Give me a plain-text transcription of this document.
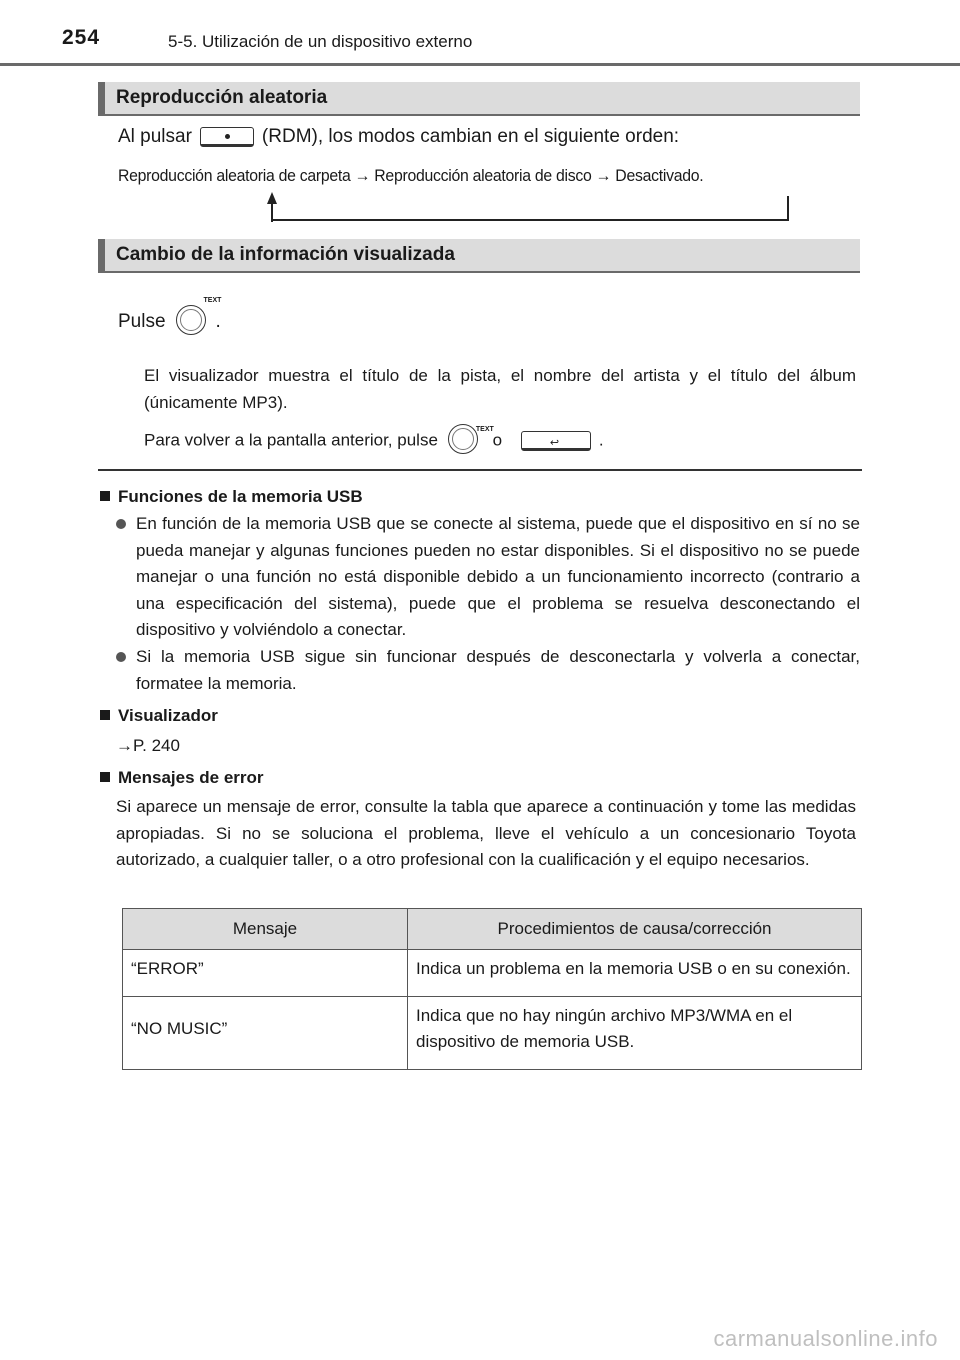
254	5-5. Utilización de un dispositivo externo
Reproducción aleatoria
Al pulsar	(RDM), los modos cambian en el siguiente orden:
Reproducción aleatoria de carpeta → Reproducción aleatoria de disco → Desactivado.
Cambio de la información visualizada
Pulse
TEXT
.
El visualizador muestra el título de la pista, el nombre del artista y el título del álbum (únicamente MP3).
Para volver a la pantalla anterior, pulse
TEXT
o	↩ .
Funciones de la memoria USB
En función de la memoria USB que se conecte al sistema, puede que el dispositivo en sí no se pueda manejar y algunas funciones pueden no estar disponibles. Si el dispositivo no se puede manejar o una función no está disponible debido a un funcionamiento incorrecto (contrario a una especificación del sistema), puede que el problema se resuelva desconectando el dispositivo y volviéndolo a conectar.
Si la memoria USB sigue sin funcionar después de desconectarla y volverla a conectar, formatee la memoria.
Visualizador
→P. 240
Mensajes de error
Si aparece un mensaje de error, consulte la tabla que aparece a continuación y tome las medidas apropiadas. Si no se soluciona el problema, lleve el vehículo a un concesionario Toyota autorizado, a cualquier taller, o a otro profesional con la cualificación y el equipo necesarios.
Mensaje	Procedimientos de causa/corrección
“ERROR”	Indica un problema en la memoria USB o en su conexión.
“NO MUSIC”	Indica que no hay ningún archivo MP3/WMA en el dispositivo de memoria USB.
carmanualsonline.info
